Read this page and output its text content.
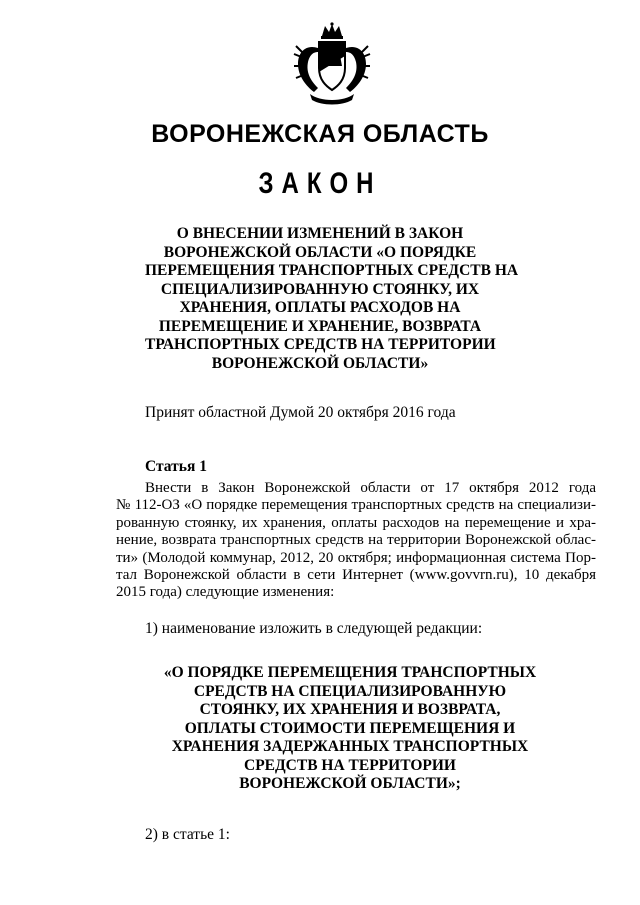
ВОРОНЕЖСКАЯ ОБЛАСТЬ
ЗАКОН
О ВНЕСЕНИИ ИЗМЕНЕНИЙ В ЗАКОН
ВОРОНЕЖСКОЙ ОБЛАСТИ «О ПОРЯДКЕ
ПЕРЕМЕЩЕНИЯ ТРАНСПОРТНЫХ СРЕДСТВ НА
СПЕЦИАЛИЗИРОВАННУЮ СТОЯНКУ, ИХ
ХРАНЕНИЯ, ОПЛАТЫ РАСХОДОВ НА
ПЕРЕМЕЩЕНИЕ И ХРАНЕНИЕ, ВОЗВРАТА
ТРАНСПОРТНЫХ СРЕДСТВ НА ТЕРРИТОРИИ
ВОРОНЕЖСКОЙ ОБЛАСТИ»
Принят областной Думой 20 октября 2016 года
Статья 1
Внести в Закон Воронежской области от 17 октября 2012 года
№ 112-ОЗ «О порядке перемещения транспортных средств на специализи-
рованную стоянку, их хранения, оплаты расходов на перемещение и хра-
нение, возврата транспортных средств на территории Воронежской облас-
ти» (Молодой коммунар, 2012, 20 октября; информационная система Пор-
тал Воронежской области в сети Интернет (www.govvrn.ru), 10 декабря
2015 года) следующие изменения:
1) наименование изложить в следующей редакции:
«О ПОРЯДКЕ ПЕРЕМЕЩЕНИЯ ТРАНСПОРТНЫХ
СРЕДСТВ НА СПЕЦИАЛИЗИРОВАННУЮ
СТОЯНКУ, ИХ ХРАНЕНИЯ И ВОЗВРАТА,
ОПЛАТЫ СТОИМОСТИ ПЕРЕМЕЩЕНИЯ И
ХРАНЕНИЯ ЗАДЕРЖАННЫХ ТРАНСПОРТНЫХ
СРЕДСТВ НА ТЕРРИТОРИИ
ВОРОНЕЖСКОЙ ОБЛАСТИ»;
2) в статье 1:
